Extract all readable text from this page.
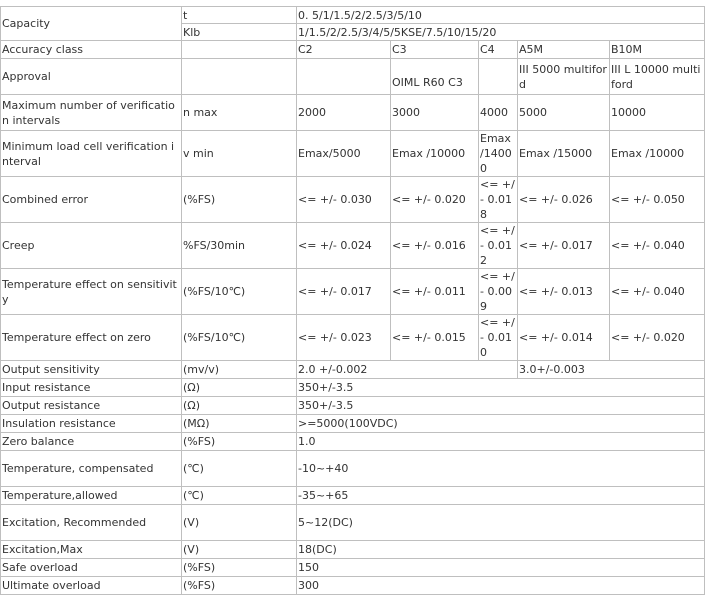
Capacity	t	0. 5/1/1.5/2/2.5/3/5/10				
	Klb	1/1.5/2/2.5/3/4/5/5KSE/7.5/10/15/20				
Accuracy class		C2	C3	C4	A5M	B10M
Approval			OIML R60 C3		III 5000 multiford	III L 10000 multiford
Maximum number of verification intervals	n max	2000	3000	4000	5000	10000
Minimum load cell verification interval	v min	Emax/5000	Emax /10000	Emax /14000	Emax /15000	Emax /10000
Combined error	(%FS)	<= +/- 0.030	<= +/- 0.020	<= +/- 0.018	<= +/- 0.026	<= +/- 0.050
Creep	%FS/30min	<= +/- 0.024	<= +/- 0.016	<= +/- 0.012	<= +/- 0.017	<= +/- 0.040
Temperature effect on sensitivity	(%FS/10℃)	<= +/- 0.017	<= +/- 0.011	<= +/- 0.009	<= +/- 0.013	<= +/- 0.040
Temperature effect on zero	(%FS/10℃)	<= +/- 0.023	<= +/- 0.015	<= +/- 0.010	<= +/- 0.014	<= +/- 0.020
Output sensitivity	(mv/v)	2.0 +/-0.002			3.0+/-0.003	
Input resistance	(Ω)	350+/-3.5				
Output resistance	(Ω)	350+/-3.5				
Insulation resistance	(MΩ)	>=5000(100VDC)				
Zero balance	(%FS)	1.0				
Temperature, compensated	(℃)	-10~+40				
Temperature,allowed	(℃)	-35~+65				
Excitation, Recommended	(V)	5~12(DC)				
Excitation,Max	(V)	18(DC)				
Safe overload	(%FS)	150				
Ultimate overload	(%FS)	300				
